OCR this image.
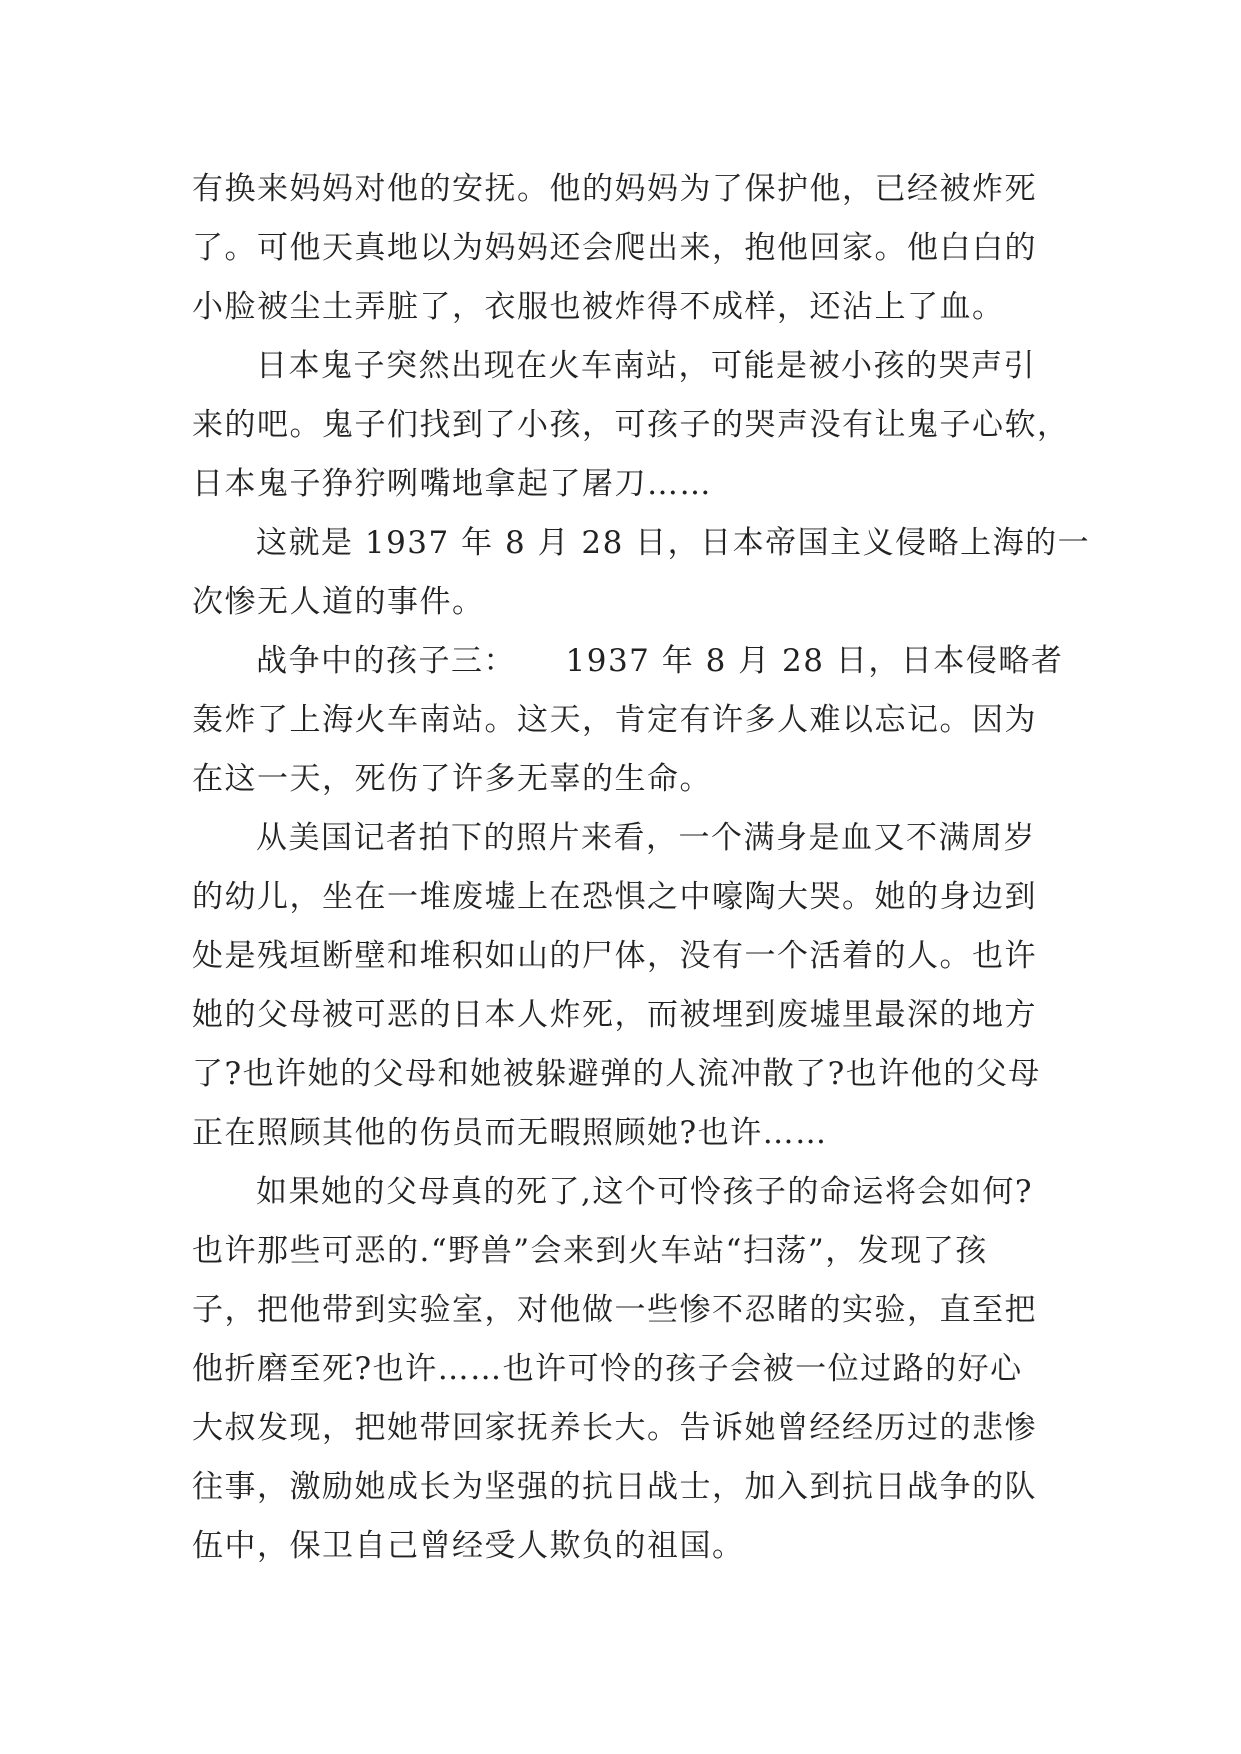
有换来妈妈对他的安抚。他的妈妈为了保护他，已经被炸死
了。可他天真地以为妈妈还会爬出来，抱他回家。他白白的
小脸被尘土弄脏了，衣服也被炸得不成样，还沾上了血。
日本鬼子突然出现在火车南站，可能是被小孩的哭声引
来的吧。鬼子们找到了小孩，可孩子的哭声没有让鬼子心软，
日本鬼子狰狞咧嘴地拿起了屠刀……
这就是 1937 年 8 月 28 日，日本帝国主义侵略上海的一
次惨无人道的事件。
战争中的孩子三：　　1937 年 8 月 28 日，日本侵略者
轰炸了上海火车南站。这天，肯定有许多人难以忘记。因为
在这一天，死伤了许多无辜的生命。
从美国记者拍下的照片来看，一个满身是血又不满周岁
的幼儿，坐在一堆废墟上在恐惧之中嚎陶大哭。她的身边到
处是残垣断壁和堆积如山的尸体，没有一个活着的人。也许
她的父母被可恶的日本人炸死，而被埋到废墟里最深的地方
了?也许她的父母和她被躲避弹的人流冲散了?也许他的父母
正在照顾其他的伤员而无暇照顾她?也许……
如果她的父母真的死了,这个可怜孩子的命运将会如何?
也许那些可恶的.“野兽”会来到火车站“扫荡”，发现了孩
子，把他带到实验室，对他做一些惨不忍睹的实验，直至把
他折磨至死?也许……也许可怜的孩子会被一位过路的好心
大叔发现，把她带回家抚养长大。告诉她曾经经历过的悲惨
往事，激励她成长为坚强的抗日战士，加入到抗日战争的队
伍中，保卫自己曾经受人欺负的祖国。
